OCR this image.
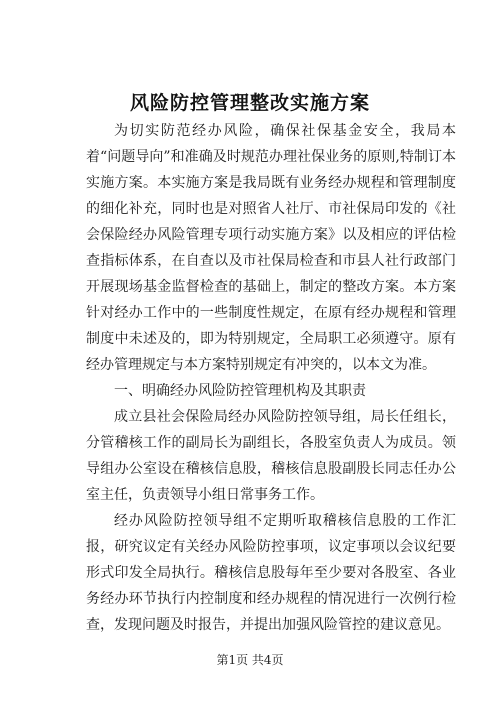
风险防控管理整改实施方案

为切实防范经办风险，确保社保基金安全，我局本着“问题导向”和准确及时规范办理社保业务的原则,特制订本实施方案。本实施方案是我局既有业务经办规程和管理制度的细化补充，同时也是对照省人社厅、市社保局印发的《社会保险经办风险管理专项行动实施方案》以及相应的评估检查指标体系，在自查以及市社保局检查和市县人社行政部门开展现场基金监督检查的基础上，制定的整改方案。本方案针对经办工作中的一些制度性规定，在原有经办规程和管理制度中未述及的，即为特别规定，全局职工必须遵守。原有经办管理规定与本方案特别规定有冲突的，以本文为准。

一、明确经办风险防控管理机构及其职责

成立县社会保险局经办风险防控领导组，局长任组长，分管稽核工作的副局长为副组长，各股室负责人为成员。领导组办公室设在稽核信息股，稽核信息股副股长同志任办公室主任，负责领导小组日常事务工作。

经办风险防控领导组不定期听取稽核信息股的工作汇报，研究议定有关经办风险防控事项，议定事项以会议纪要形式印发全局执行。稽核信息股每年至少要对各股室、各业务经办环节执行内控制度和经办规程的情况进行一次例行检查，发现问题及时报告，并提出加强风险管控的建议意见。

第1页 共4页
